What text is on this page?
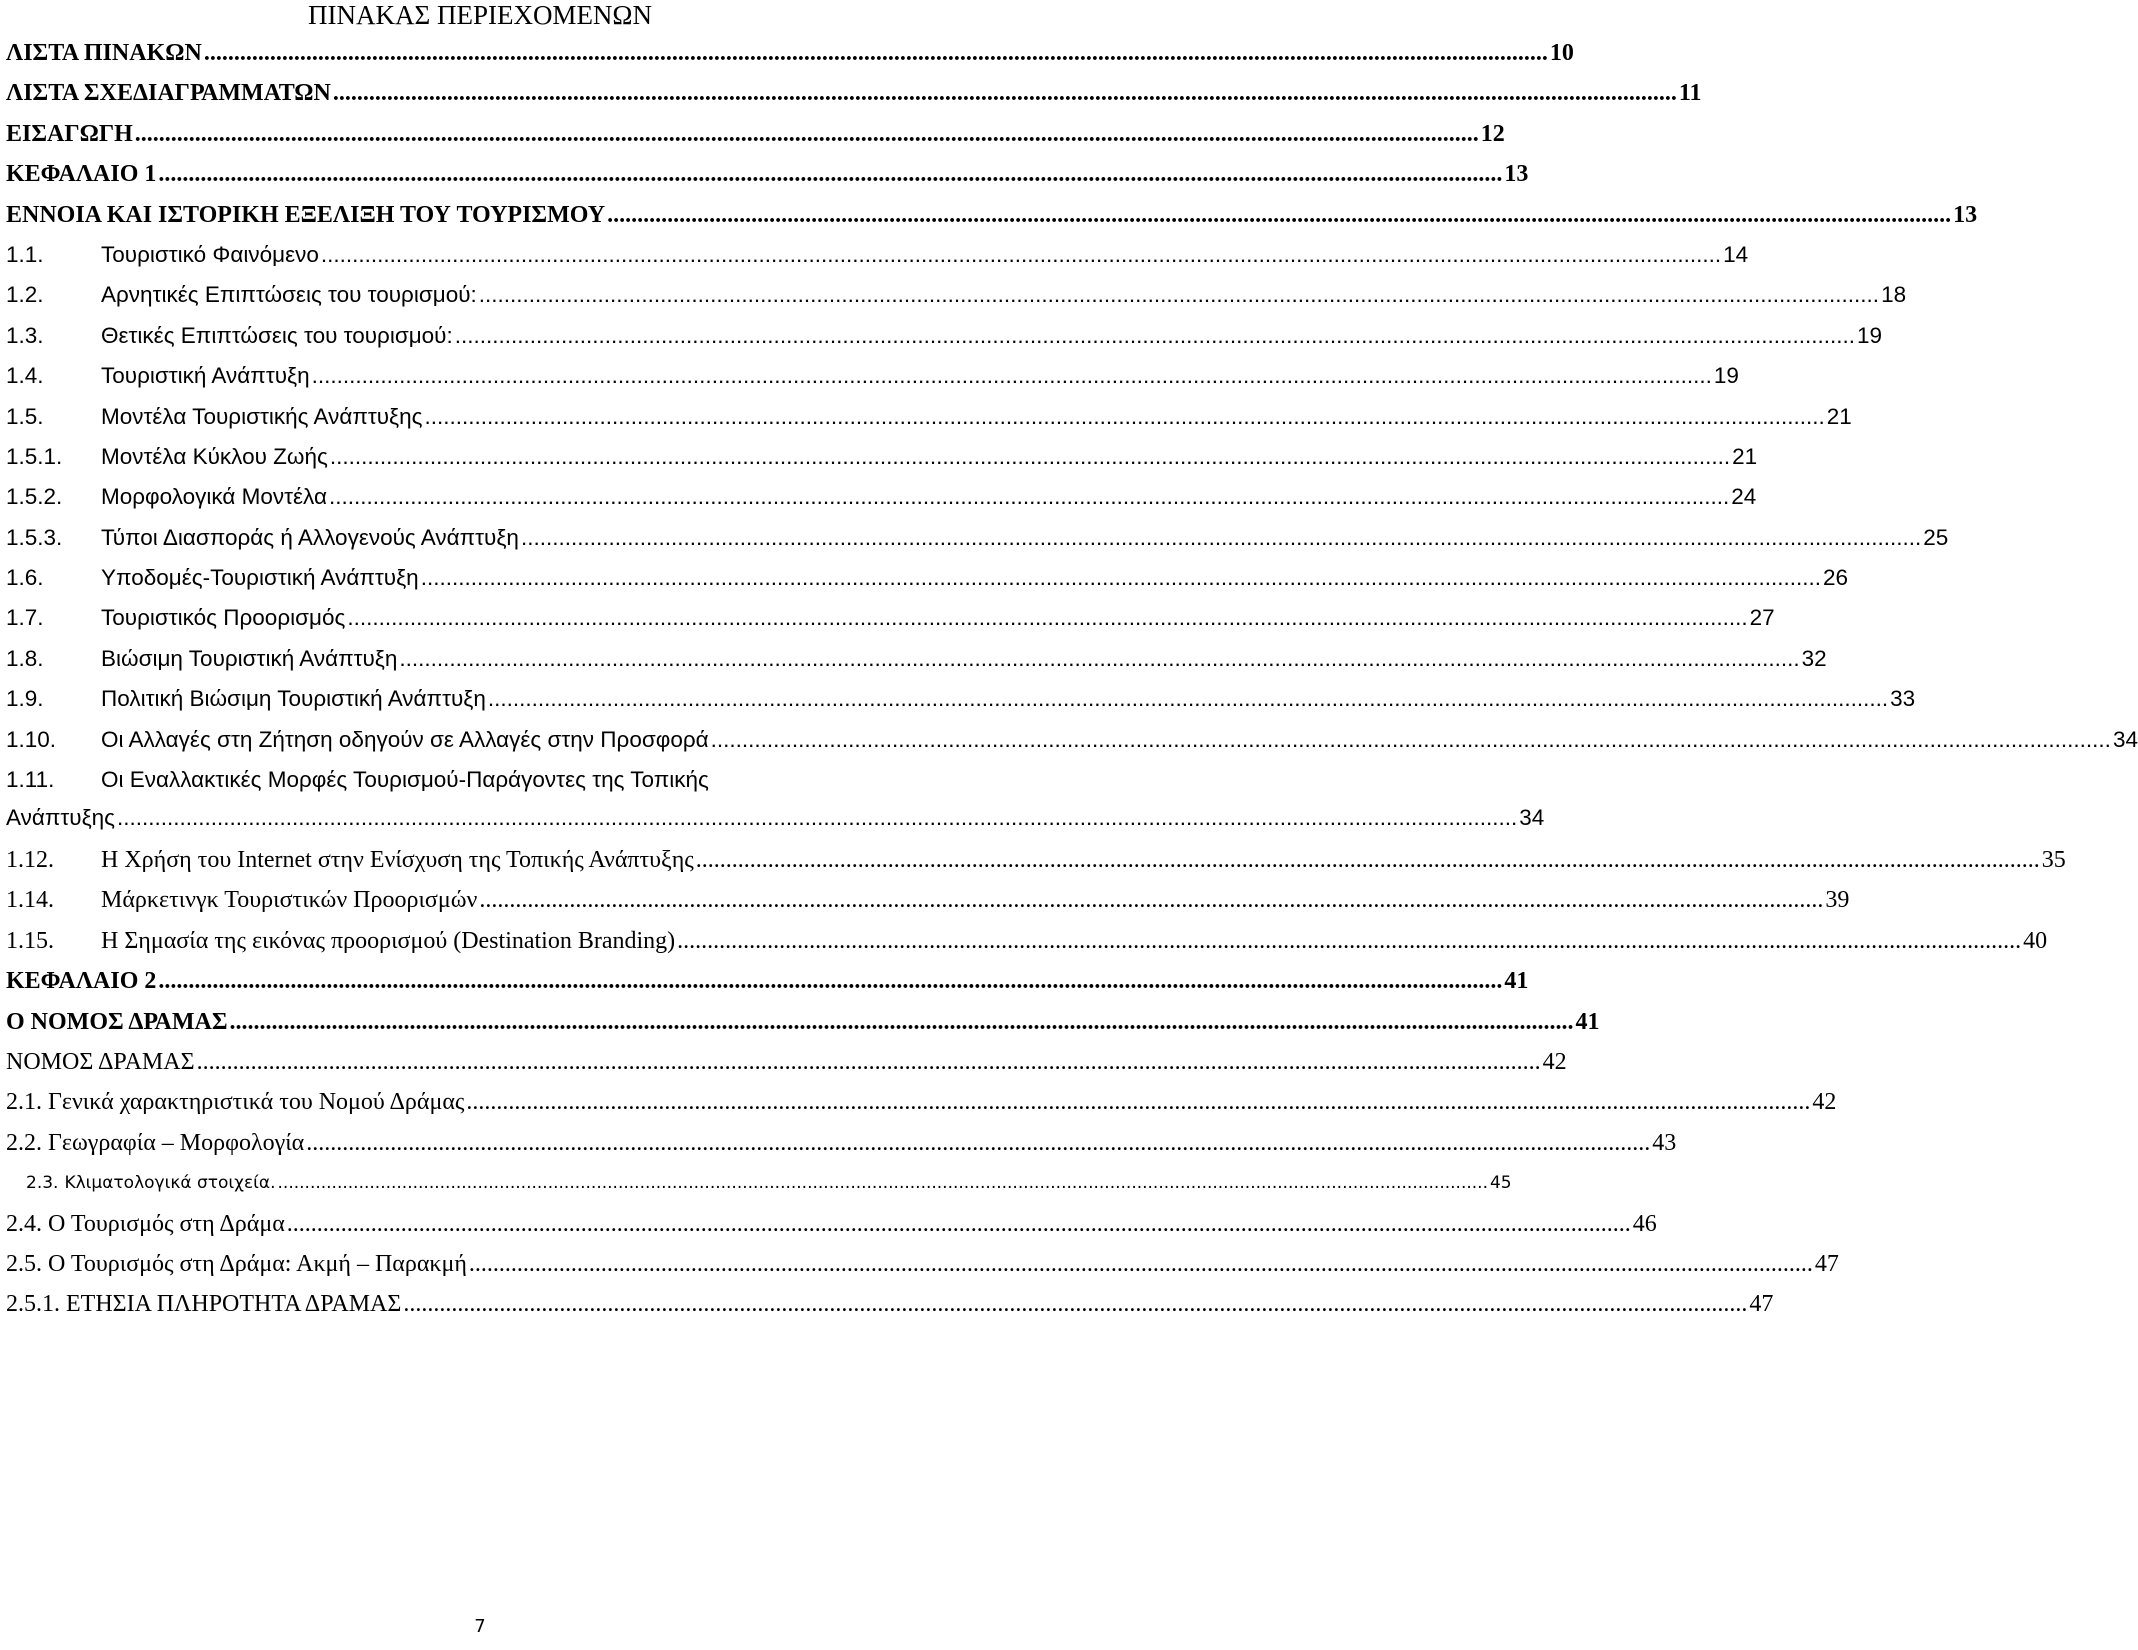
ΠΙΝΑΚΑΣ ΠΕΡΙΕΧΟΜΕΝΩΝ
ΛΙΣΤΑ ΠΙΝΑΚΩΝ .....	10
ΛΙΣΤΑ ΣΧΕΔΙΑΓΡΑΜΜΑΤΩΝ .....	11
ΕΙΣΑΓΩΓΗ .....	12
ΚΕΦΑΛΑΙΟ 1 .....	13
ΕΝΝΟΙΑ ΚΑΙ ΙΣΤΟΡΙΚΗ ΕΞΕΛΙΞΗ ΤΟΥ ΤΟΥΡΙΣΜΟΥ .....	13
1.1.	Τουριστικό Φαινόμενο .....	14
1.2.	Αρνητικές Επιπτώσεις του τουρισμού: .....	18
1.3.	Θετικές Επιπτώσεις του τουρισμού: .....	19
1.4.	Τουριστική Ανάπτυξη .....	19
1.5.	Μοντέλα Τουριστικής Ανάπτυξης .....	21
1.5.1.	Μοντέλα Κύκλου Ζωής .....	21
1.5.2.	Μορφολογικά Μοντέλα .....	24
1.5.3.	Τύποι Διασποράς ή Αλλογενούς Ανάπτυξη .....	25
1.6.	Υποδομές-Τουριστική Ανάπτυξη .....	26
1.7.	Τουριστικός Προορισμός .....	27
1.8.	Βιώσιμη Τουριστική Ανάπτυξη .....	32
1.9.	Πολιτική Βιώσιμη Τουριστική Ανάπτυξη .....	33
1.10.	Οι Αλλαγές στη Ζήτηση οδηγούν σε Αλλαγές στην Προσφορά .....	34
1.11.	Οι Εναλλακτικές Μορφές Τουρισμού-Παράγοντες της Τοπικής
Ανάπτυξης .....	34
1.12.	Η Χρήση του Internet στην Ενίσχυση της Τοπικής Ανάπτυξης .....	35
1.14.	Μάρκετινγκ Τουριστικών Προορισμών .....	39
1.15.	Η Σημασία της εικόνας προορισμού (Destination Branding) .....	40
ΚΕΦΑΛΑΙΟ 2 .....	41
Ο ΝΟΜΟΣ ΔΡΑΜΑΣ .....	41
ΝΟΜΟΣ ΔΡΑΜΑΣ .....	42
2.1. Γενικά χαρακτηριστικά του Νομού Δράμας .....	42
2.2. Γεωγραφία – Μορφολογία .....	43
2.3. Κλιματολογικά στοιχεία. .....	45
2.4. Ο Τουρισμός στη Δράμα .....	46
2.5. Ο Τουρισμός στη Δράμα: Ακμή – Παρακμή .....	47
2.5.1. ΕΤΗΣΙΑ ΠΛΗΡΟΤΗΤΑ ΔΡΑΜΑΣ .....	47
7
